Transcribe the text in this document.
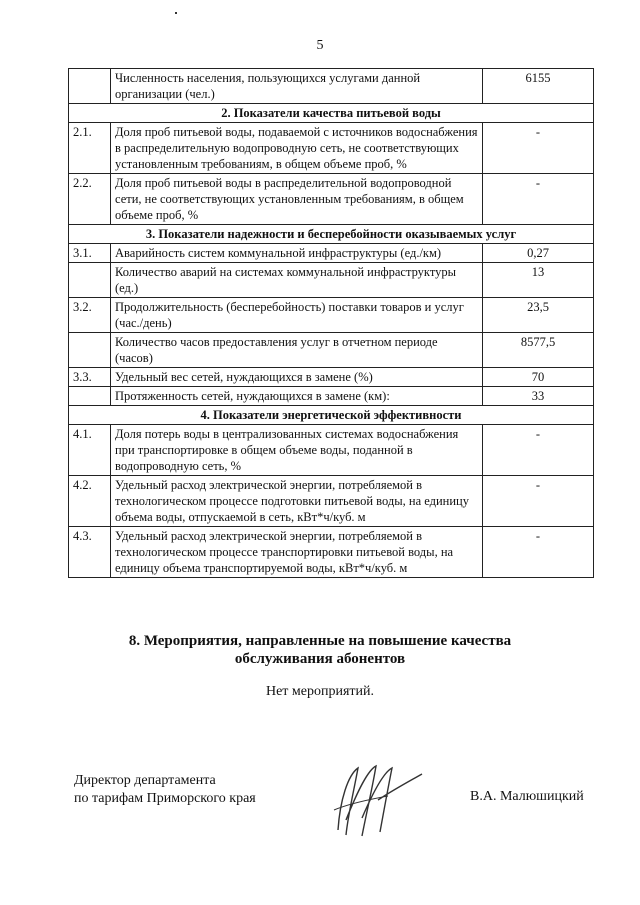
5
	Численность населения, пользующихся услугами данной организации (чел.)	6155
2. Показатели качества питьевой воды		
2.1.	Доля проб питьевой воды, подаваемой с источников водоснабжения в распределительную водопроводную сеть, не соответствующих установленным требованиям, в общем объеме проб, %	-
2.2.	Доля проб питьевой воды в распределительной водопроводной сети, не соответствующих установленным требованиям, в общем объеме проб, %	-
3. Показатели надежности и бесперебойности оказываемых услуг		
3.1.	Аварийность систем коммунальной инфраструктуры (ед./км)	0,27
	Количество аварий на системах коммунальной инфраструктуры (ед.)	13
3.2.	Продолжительность (бесперебойность) поставки товаров и услуг (час./день)	23,5
	Количество часов предоставления услуг в отчетном периоде (часов)	8577,5
3.3.	Удельный вес сетей, нуждающихся в замене (%)	70
	Протяженность сетей, нуждающихся в замене (км):	33
4. Показатели энергетической эффективности		
4.1.	Доля потерь воды в централизованных системах водоснабжения при транспортировке в общем объеме воды, поданной в водопроводную сеть, %	-
4.2.	Удельный расход электрической энергии, потребляемой в технологическом процессе подготовки питьевой воды, на единицу объема воды, отпускаемой в сеть, кВт*ч/куб. м	-
4.3.	Удельный расход электрической энергии, потребляемой в технологическом процессе транспортировки питьевой воды, на единицу объема транспортируемой воды, кВт*ч/куб. м	-
8. Мероприятия, направленные на повышение качества
обслуживания абонентов
Нет мероприятий.
Директор департамента
по тарифам Приморского края	В.А. Малюшицкий
